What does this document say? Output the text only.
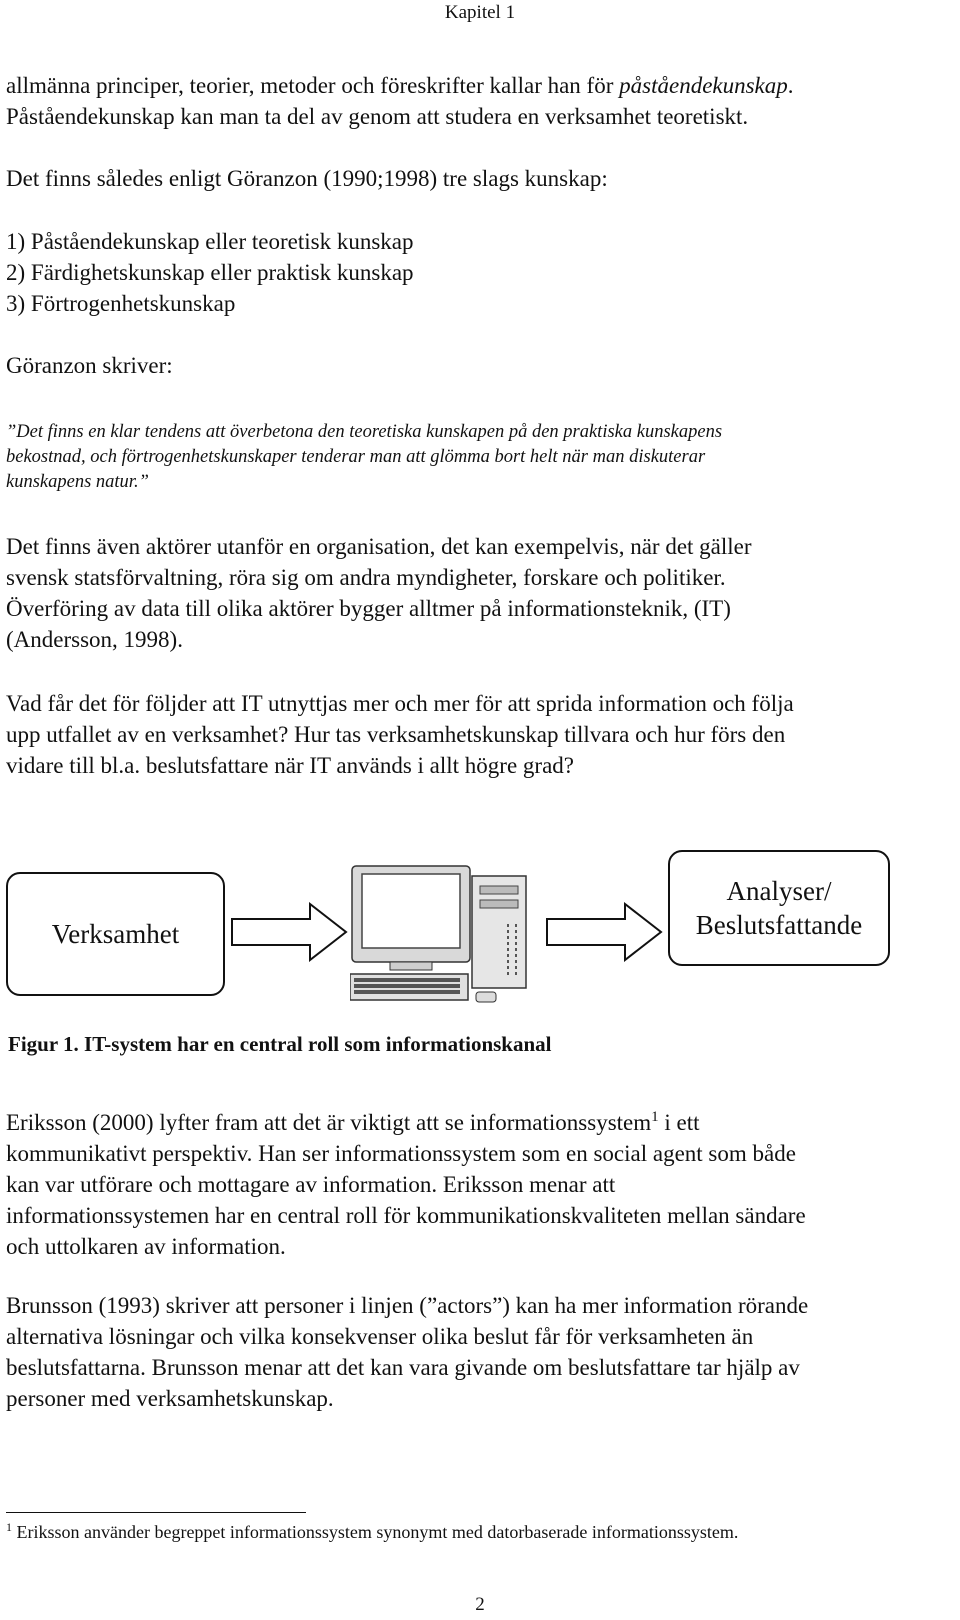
Kapitel 1
allmänna principer, teorier, metoder och föreskrifter kallar han för påståendekunskap.
Påståendekunskap kan man ta del av genom att studera en verksamhet teoretiskt.
Det finns således enligt Göranzon (1990;1998) tre slags kunskap:
1) Påståendekunskap eller teoretisk kunskap
2) Färdighetskunskap eller praktisk kunskap
3) Förtrogenhetskunskap
Göranzon skriver:
”Det finns en klar tendens att överbetona den teoretiska kunskapen på den praktiska kunskapens
bekostnad, och förtrogenhetskunskaper tenderar man att glömma bort helt när man diskuterar
kunskapens natur.”
Det finns även aktörer utanför en organisation, det kan exempelvis, när det gäller
svensk statsförvaltning, röra sig om andra myndigheter, forskare och politiker.
Överföring av data till olika aktörer bygger alltmer på informationsteknik, (IT)
(Andersson, 1998).
Vad får det för följder att IT utnyttjas mer och mer för att sprida information och följa
upp utfallet av en verksamhet? Hur tas verksamhetskunskap tillvara och hur förs den
vidare till bl.a. beslutsfattare när IT används i allt högre grad?
Verksamhet
Analyser/
Beslutsfattande
Figur 1. IT-system har en central roll som informationskanal
Eriksson (2000) lyfter fram att det är viktigt att se informationssystem$^1$ i ett
kommunikativt perspektiv. Han ser informationssystem som en social agent som både
kan var utförare och mottagare av information. Eriksson menar att
informationssystemen har en central roll för kommunikationskvaliteten mellan sändare
och uttolkaren av information.
Brunsson (1993) skriver att personer i linjen (”actors”) kan ha mer information rörande
alternativa lösningar och vilka konsekvenser olika beslut får för verksamheten än
beslutsfattarna. Brunsson menar att det kan vara givande om beslutsfattare tar hjälp av
personer med verksamhetskunskap.
$^1$ Eriksson använder begreppet informationssystem synonymt med datorbaserade informationssystem.
2
